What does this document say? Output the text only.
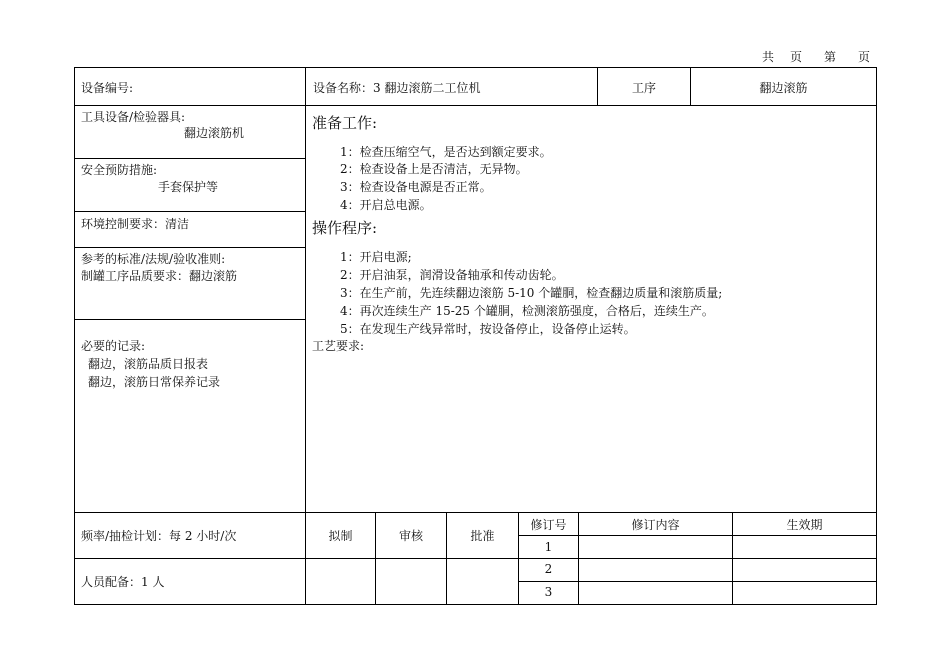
共 页 第 页
设备编号:	设备名称：3 翻边滚筋二工位机	工序	翻边滚筋
工具设备/检验器具:
翻边滚筋机
安全预防措施:
手套保护等
环境控制要求：清洁
参考的标准/法规/验收准则:
制罐工序品质要求：翻边滚筋
必要的记录:
翻边，滚筋品质日报表
翻边，滚筋日常保养记录
准备工作:
1：检查压缩空气，是否达到额定要求。
2：检查设备上是否清洁，无异物。
3：检查设备电源是否正常。
4：开启总电源。
操作程序:
1：开启电源;
2：开启油泵，润滑设备轴承和传动齿轮。
3：在生产前，先连续翻边滚筋 5-10 个罐胴，检查翻边质量和滚筋质量;
4：再次连续生产 15-25 个罐胴，检测滚筋强度，合格后，连续生产。
5：在发现生产线异常时，按设备停止，设备停止运转。
工艺要求:
频率/抽检计划：每 2 小时/次
人员配备：1 人
拟制	审核	批准
修订号	修订内容	生效期
1
2
3
